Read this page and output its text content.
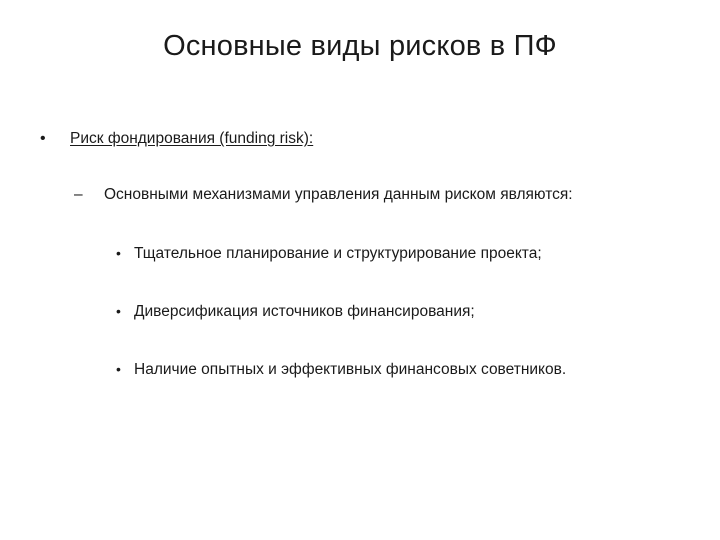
Основные виды рисков в ПФ
•	Риск фондирования (funding risk):
–	Основными механизмами управления данным риском являются:
• Тщательное планирование и структурирование проекта;
• Диверсификация источников финансирования;
• Наличие опытных и эффективных финансовых советников.
